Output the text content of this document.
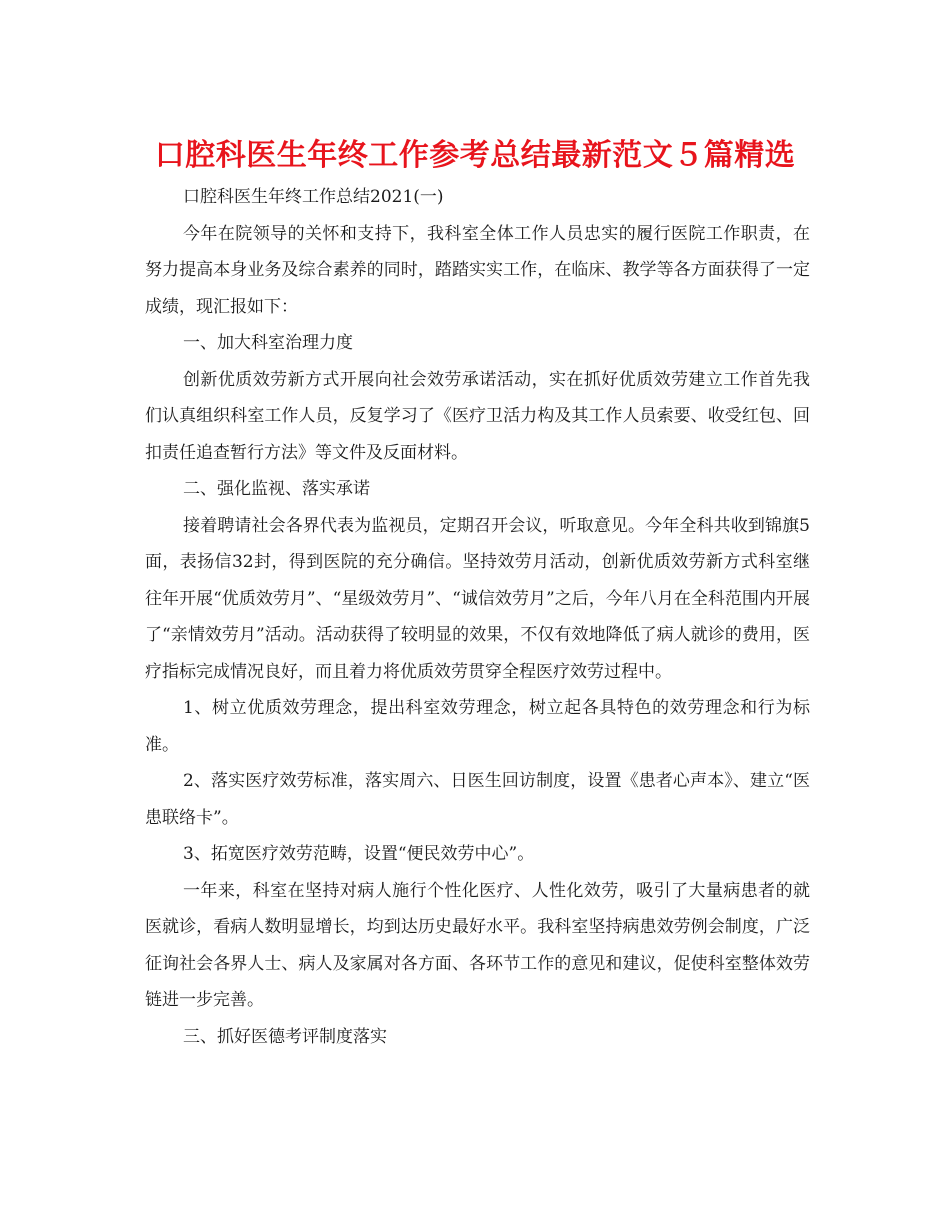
口腔科医生年终工作参考总结最新范文５篇精选

口腔科医生年终工作总结2021(一)

今年在院领导的关怀和支持下，我科室全体工作人员忠实的履行医院工作职责，在努力提高本身业务及综合素养的同时，踏踏实实工作，在临床、教学等各方面获得了一定成绩，现汇报如下：

一、加大科室治理力度

创新优质效劳新方式开展向社会效劳承诺活动，实在抓好优质效劳建立工作首先我们认真组织科室工作人员，反复学习了《医疗卫活力构及其工作人员索要、收受红包、回扣责任追查暂行方法》等文件及反面材料。

二、强化监视、落实承诺

接着聘请社会各界代表为监视员，定期召开会议，听取意见。今年全科共收到锦旗5面，表扬信32封，得到医院的充分确信。坚持效劳月活动，创新优质效劳新方式科室继往年开展“优质效劳月”、“星级效劳月”、“诚信效劳月”之后，今年八月在全科范围内开展了“亲情效劳月”活动。活动获得了较明显的效果，不仅有效地降低了病人就诊的费用，医疗指标完成情况良好，而且着力将优质效劳贯穿全程医疗效劳过程中。

1、树立优质效劳理念，提出科室效劳理念，树立起各具特色的效劳理念和行为标准。

2、落实医疗效劳标准，落实周六、日医生回访制度，设置《患者心声本》、建立“医患联络卡”。

3、拓宽医疗效劳范畴，设置“便民效劳中心”。

一年来，科室在坚持对病人施行个性化医疗、人性化效劳，吸引了大量病患者的就医就诊，看病人数明显增长，均到达历史最好水平。我科室坚持病患效劳例会制度，广泛征询社会各界人士、病人及家属对各方面、各环节工作的意见和建议，促使科室整体效劳链进一步完善。

三、抓好医德考评制度落实
